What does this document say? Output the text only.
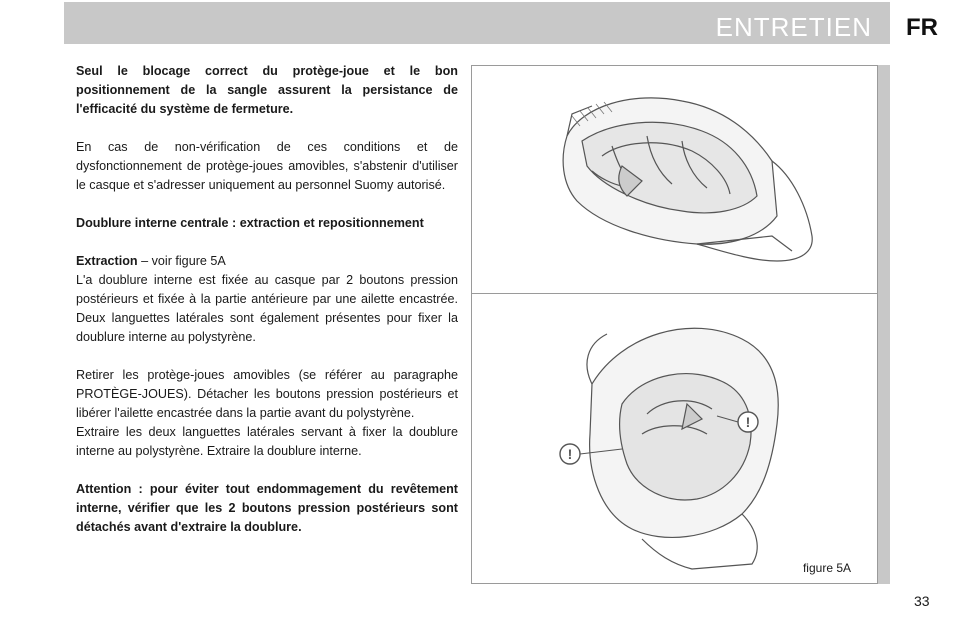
ENTRETIEN FR

Seul le blocage correct du protège-joue et le bon positionnement de la sangle assurent la persistance de l'efficacité du système de fermeture.

En cas de non-vérification de ces conditions et de dysfonctionnement de protège-joues amovibles, s'abstenir d'utiliser le casque et s'adresser uniquement au personnel Suomy autorisé.

Doublure interne centrale : extraction et repositionnement

Extraction – voir figure 5A
L'a doublure interne est fixée au casque par 2 boutons pression postérieurs et fixée à la partie antérieure par une ailette encastrée. Deux languettes latérales sont également présentes pour fixer la doublure interne au polystyrène.

Retirer les protège-joues amovibles (se référer au paragraphe PROTÈGE-JOUES). Détacher les boutons pression postérieurs et libérer l'ailette encastrée dans la partie avant du polystyrène.
Extraire les deux languettes latérales servant à fixer la doublure interne au polystyrène. Extraire la doublure interne.

Attention : pour éviter tout endommagement du revêtement interne, vérifier que les 2 boutons pression postérieurs sont détachés avant d'extraire la doublure.

!
!
figure 5A
33
